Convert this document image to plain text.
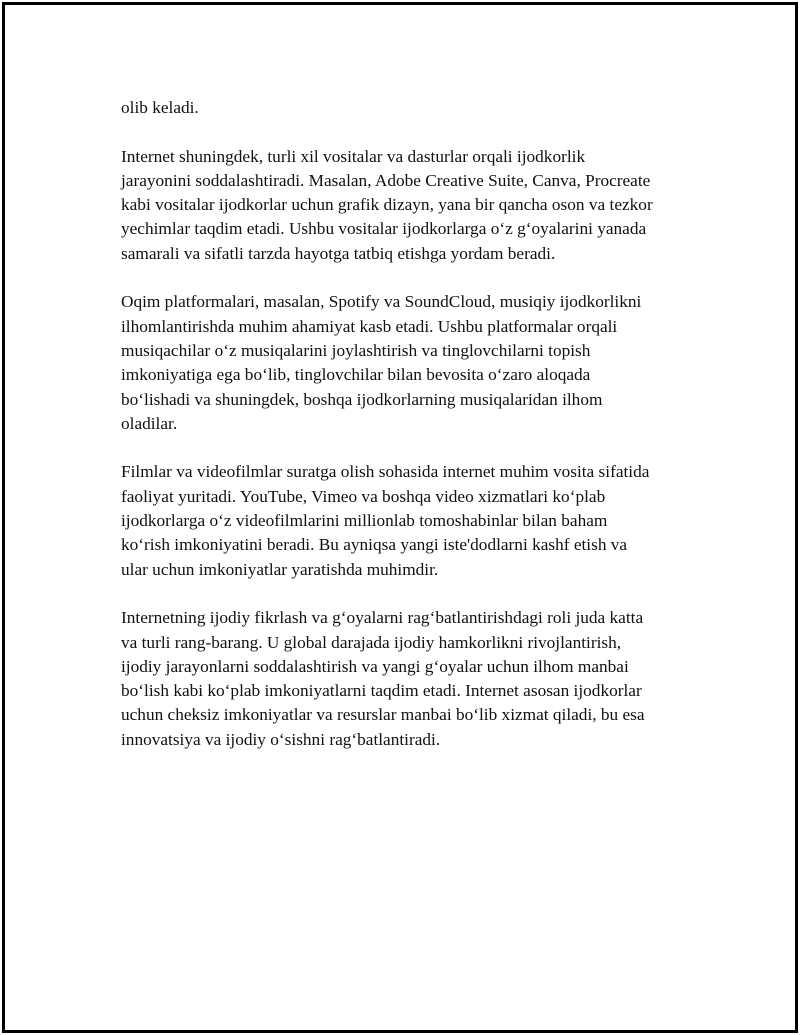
olib keladi.

Internet shuningdek, turli xil vositalar va dasturlar orqali ijodkorlik
jarayonini soddalashtiradi. Masalan, Adobe Creative Suite, Canva, Procreate
kabi vositalar ijodkorlar uchun grafik dizayn, yana bir qancha oson va tezkor
yechimlar taqdim etadi. Ushbu vositalar ijodkorlarga oʻz gʻoyalarini yanada
samarali va sifatli tarzda hayotga tatbiq etishga yordam beradi.

Oqim platformalari, masalan, Spotify va SoundCloud, musiqiy ijodkorlikni
ilhomlantirishda muhim ahamiyat kasb etadi. Ushbu platformalar orqali
musiqachilar oʻz musiqalarini joylashtirish va tinglovchilarni topish
imkoniyatiga ega boʻlib, tinglovchilar bilan bevosita oʻzaro aloqada
boʻlishadi va shuningdek, boshqa ijodkorlarning musiqalaridan ilhom
oladilar.

Filmlar va videofilmlar suratga olish sohasida internet muhim vosita sifatida
faoliyat yuritadi. YouTube, Vimeo va boshqa video xizmatlari koʻplab
ijodkorlarga oʻz videofilmlarini millionlab tomoshabinlar bilan baham
koʻrish imkoniyatini beradi. Bu ayniqsa yangi iste'dodlarni kashf etish va
ular uchun imkoniyatlar yaratishda muhimdir.

Internetning ijodiy fikrlash va gʻoyalarni ragʻbatlantirishdagi roli juda katta
va turli rang-barang. U global darajada ijodiy hamkorlikni rivojlantirish,
ijodiy jarayonlarni soddalashtirish va yangi gʻoyalar uchun ilhom manbai
boʻlish kabi koʻplab imkoniyatlarni taqdim etadi. Internet asosan ijodkorlar
uchun cheksiz imkoniyatlar va resurslar manbai boʻlib xizmat qiladi, bu esa
innovatsiya va ijodiy oʻsishni ragʻbatlantiradi.
